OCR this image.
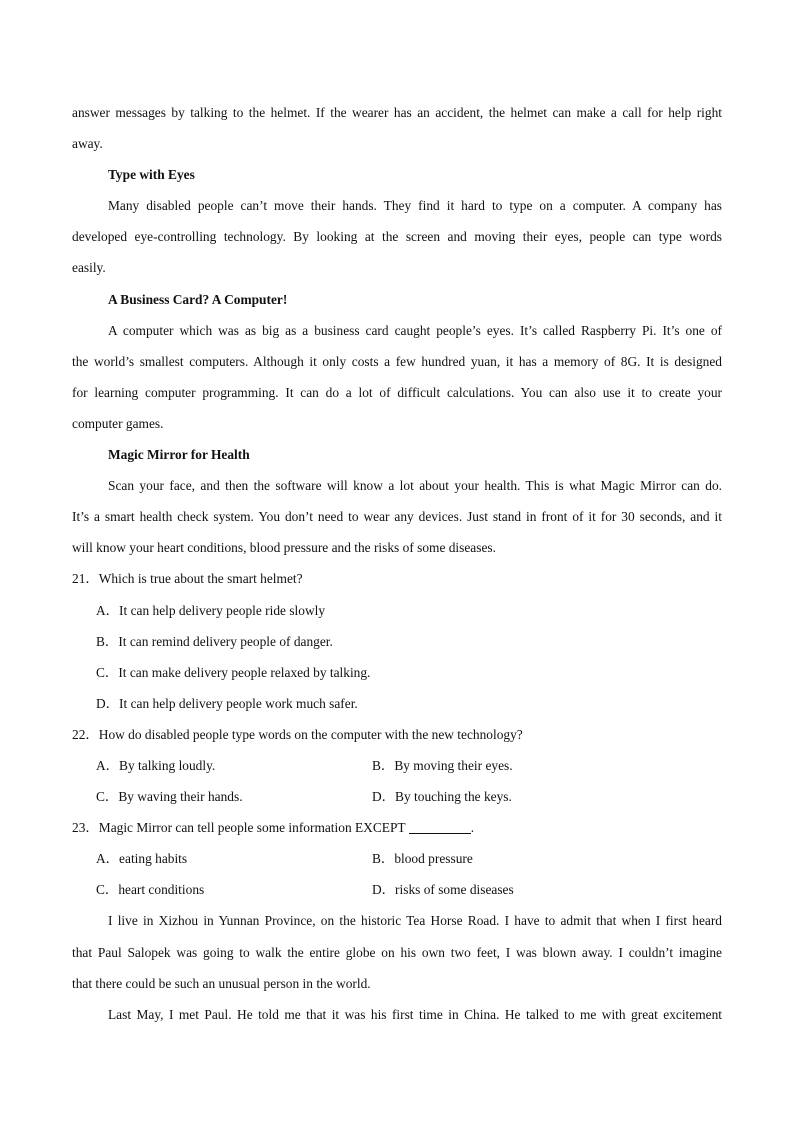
answer messages by talking to the helmet. If the wearer has an accident, the helmet can make a call for help right
away.
Type with Eyes
Many disabled people can’t move their hands. They find it hard to type on a computer. A company has
developed eye-controlling technology. By looking at the screen and moving their eyes, people can type words
easily.
A Business Card? A Computer!
A computer which was as big as a business card caught people’s eyes. It’s called Raspberry Pi. It’s one of
the world’s smallest computers. Although it only costs a few hundred yuan, it has a memory of 8G. It is designed
for learning computer programming. It can do a lot of difficult calculations. You can also use it to create your
computer games.
Magic Mirror for Health
Scan your face, and then the software will know a lot about your health. This is what Magic Mirror can do.
It’s a smart health check system. You don’t need to wear any devices. Just stand in front of it for 30 seconds, and it
will know your heart conditions, blood pressure and the risks of some diseases.
21．Which is true about the smart helmet?
A．It can help delivery people ride slowly
B．It can remind delivery people of danger.
C．It can make delivery people relaxed by talking.
D．It can help delivery people work much safer.
22．How do disabled people type words on the computer with the new technology?
A．By talking loudly.	B．By moving their eyes.
C．By waving their hands.	D．By touching the keys.
23．Magic Mirror can tell people some information EXCEPT	.
A．eating habits	B．blood pressure
C．heart conditions	D．risks of some diseases
I live in Xizhou in Yunnan Province, on the historic Tea Horse Road. I have to admit that when I first heard
that Paul Salopek was going to walk the entire globe on his own two feet, I was blown away. I couldn’t imagine
that there could be such an unusual person in the world.
Last May, I met Paul. He told me that it was his first time in China. He talked to me with great excitement
